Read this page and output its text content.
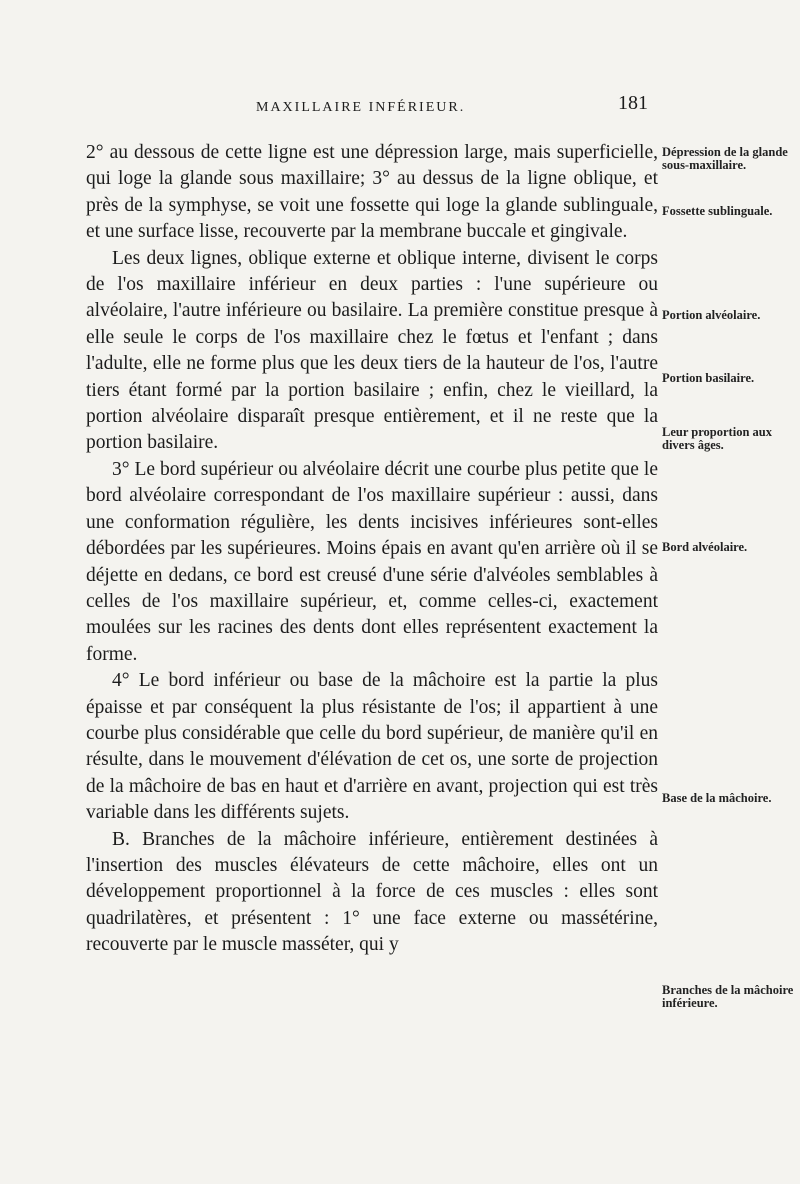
MAXILLAIRE INFÉRIEUR.	181

2° au dessous de cette ligne est une dépression large, mais superficielle, qui loge la glande sous maxillaire; 3° au dessus de la ligne oblique, et près de la symphyse, se voit une fossette qui loge la glande sublinguale, et une surface lisse, recouverte par la membrane buccale et gingivale.

Les deux lignes, oblique externe et oblique interne, divisent le corps de l'os maxillaire inférieur en deux parties : l'une supérieure ou alvéolaire, l'autre inférieure ou basilaire. La première constitue presque à elle seule le corps de l'os maxillaire chez le fœtus et l'enfant ; dans l'adulte, elle ne forme plus que les deux tiers de la hauteur de l'os, l'autre tiers étant formé par la portion basilaire ; enfin, chez le vieillard, la portion alvéolaire disparaît presque entièrement, et il ne reste que la portion basilaire.

3° Le bord supérieur ou alvéolaire décrit une courbe plus petite que le bord alvéolaire correspondant de l'os maxillaire supérieur : aussi, dans une conformation régulière, les dents incisives inférieures sont-elles débordées par les supérieures. Moins épais en avant qu'en arrière où il se déjette en dedans, ce bord est creusé d'une série d'alvéoles semblables à celles de l'os maxillaire supérieur, et, comme celles-ci, exactement moulées sur les racines des dents dont elles représentent exactement la forme.

4° Le bord inférieur ou base de la mâchoire est la partie la plus épaisse et par conséquent la plus résistante de l'os; il appartient à une courbe plus considérable que celle du bord supérieur, de manière qu'il en résulte, dans le mouvement d'élévation de cet os, une sorte de projection de la mâchoire de bas en haut et d'arrière en avant, projection qui est très variable dans les différents sujets.

B. Branches de la mâchoire inférieure, entièrement destinées à l'insertion des muscles élévateurs de cette mâchoire, elles ont un développement proportionnel à la force de ces muscles : elles sont quadrilatères, et présentent : 1° une face externe ou massétérine, recouverte par le muscle masséter, qui y

Dépression de la glande sous-maxillaire.
Fossette sublinguale.
Portion alvéolaire.
Portion basilaire.
Leur proportion aux divers âges.
Bord alvéolaire.
Base de la mâchoire.
Branches de la mâchoire inférieure.
